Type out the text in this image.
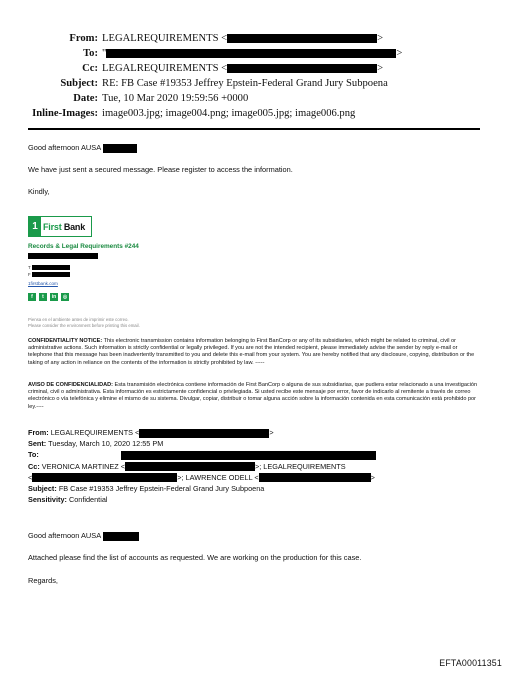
From: LEGALREQUIREMENTS <	>
To: "	>
Cc: LEGALREQUIREMENTS <	>
Subject: RE: FB Case #19353 Jeffrey Epstein-Federal Grand Jury Subpoena
Date: Tue, 10 Mar 2020 19:59:56 +0000
Inline-Images: image003.jpg; image004.png; image005.jpg; image006.png
Good afternoon AUSA
We have just sent a secured message. Please register to access the information.
Kindly,
1 First Bank
Records & Legal Requirements #244
T
F
1firstbank.com
f	t	in	◎
Piensa en el ambiente antes de imprimir este correo.
Please consider the environment before printing this email.
CONFIDENTIALITY NOTICE: This electronic transmission contains information belonging to First BanCorp or any of its subsidiaries, which might be related to criminal, civil or administrative actions. Such information is strictly confidential or legally privileged. If you are not the intended recipient, please immediately advise the sender by reply e-mail or telephone that this message has been inadvertently transmitted to you and delete this e-mail from your system. You are hereby notified that any disclosure, copying, distribution or the taking of any action in reliance on the contents of the information is strictly prohibited by law. -----
AVISO DE CONFIDENCIALIDAD: Esta transmisión electrónica contiene información de First BanCorp o alguna de sus subsidiarias, que pudiera estar relacionado a una investigación criminal, civil o administrativa. Esta información es estrictamente confidencial o privilegiada. Si usted recibe este mensaje por error, favor de indicarlo al remitente a través de correo electrónico o vía telefónica y elimine el mismo de su sistema. Divulgar, copiar, distribuir o tomar alguna acción sobre la información contenida en esta comunicación está prohibido por ley.----
From: LEGALREQUIREMENTS <	>
Sent: Tuesday, March 10, 2020 12:55 PM
To:
Cc: VERONICA MARTINEZ <	>; LEGALREQUIREMENTS
<	>; LAWRENCE ODELL <	>
Subject: FB Case #19353 Jeffrey Epstein-Federal Grand Jury Subpoena
Sensitivity: Confidential
Good afternoon AUSA
Attached please find the list of accounts as requested. We are working on the production for this case.
Regards,
EFTA00011351
